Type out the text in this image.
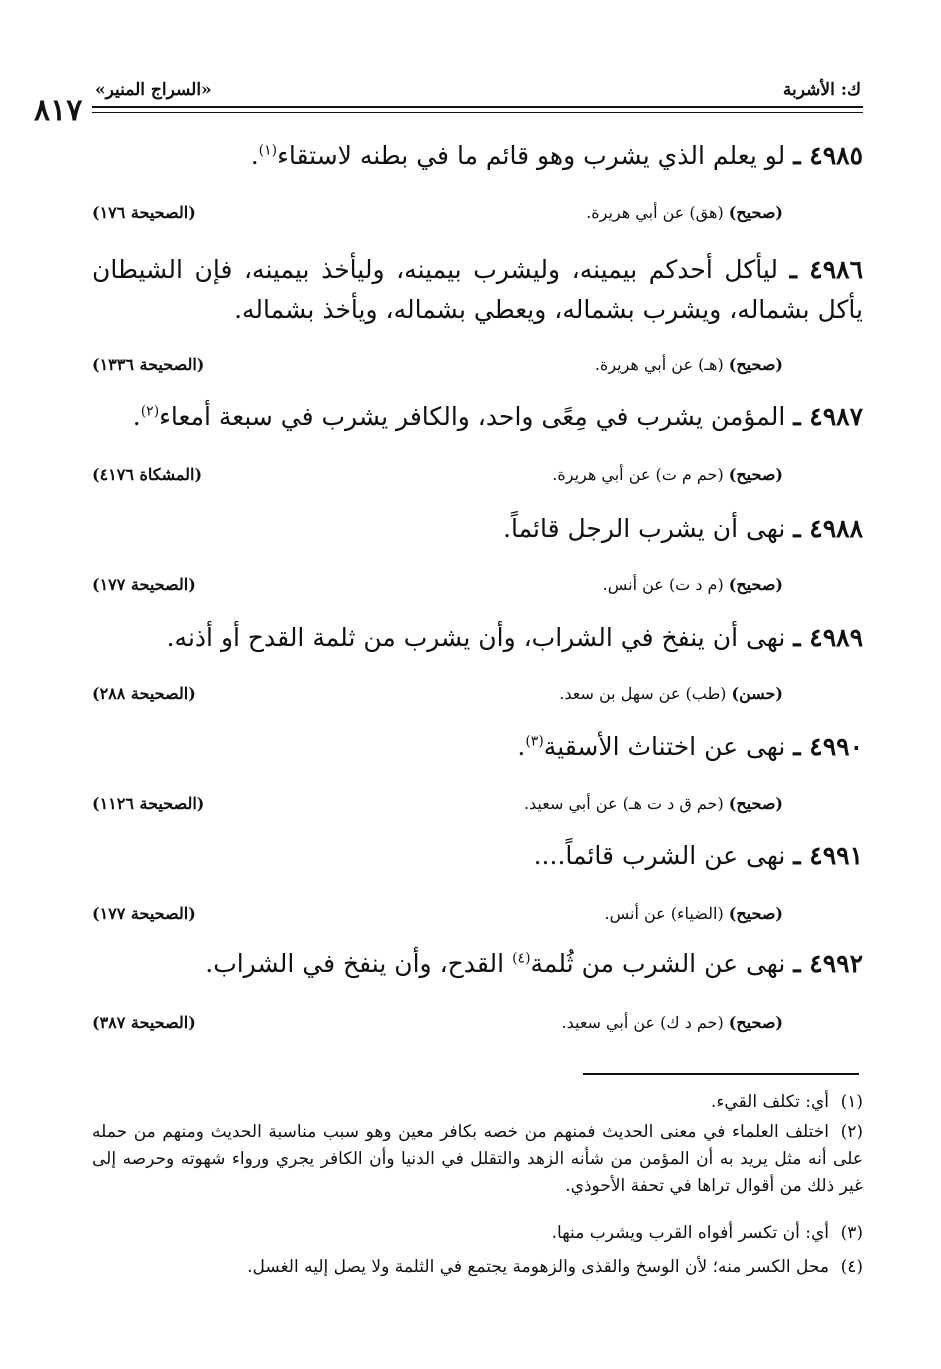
٨١٧
«السراج المنير»	ك: الأشربة
٤٩٨٥ ـ لو يعلم الذي يشرب وهو قائم ما في بطنه لاستقاء$^{(١)}$.
(صحيح) (هق) عن أبي هريرة.
(الصحيحة ١٧٦)
٤٩٨٦ ـ ليأكل أحدكم بيمينه، وليشرب بيمينه، وليأخذ بيمينه، فإن الشيطان يأكل بشماله، ويشرب بشماله، ويعطي بشماله، ويأخذ بشماله.
(صحيح) (هـ) عن أبي هريرة.
(الصحيحة ١٣٣٦)
٤٩٨٧ ـ المؤمن يشرب في مِعًى واحد، والكافر يشرب في سبعة أمعاء$^{(٢)}$.
(صحيح) (حم م ت) عن أبي هريرة.
(المشكاة ٤١٧٦)
٤٩٨٨ ـ نهى أن يشرب الرجل قائماً.
(صحيح) (م د ت) عن أنس.
(الصحيحة ١٧٧)
٤٩٨٩ ـ نهى أن ينفخ في الشراب، وأن يشرب من ثلمة القدح أو أذنه.
(حسن) (طب) عن سهل بن سعد.
(الصحيحة ٢٨٨)
٤٩٩٠ ـ نهى عن اختناث الأسقية$^{(٣)}$.
(صحيح) (حم ق د ت هـ) عن أبي سعيد.
(الصحيحة ١١٢٦)
٤٩٩١ ـ نهى عن الشرب قائماً....
(صحيح) (الضياء) عن أنس.
(الصحيحة ١٧٧)
٤٩٩٢ ـ نهى عن الشرب من ثُلمة$^{(٤)}$ القدح، وأن ينفخ في الشراب.
(صحيح) (حم د ك) عن أبي سعيد.
(الصحيحة ٣٨٧)
(١)أي: تكلف القيء.
(٢)اختلف العلماء في معنى الحديث فمنهم من خصه بكافر معين وهو سبب مناسبة الحديث ومنهم من حمله على أنه مثل يريد به أن المؤمن من شأنه الزهد والتقلل في الدنيا وأن الكافر يجري ورواء شهوته وحرصه إلى غير ذلك من أقوال تراها في تحفة الأحوذي.
(٣)أي: أن تكسر أفواه القرب ويشرب منها.
(٤)محل الكسر منه؛ لأن الوسخ والقذى والزهومة يجتمع في الثلمة ولا يصل إليه الغسل.
